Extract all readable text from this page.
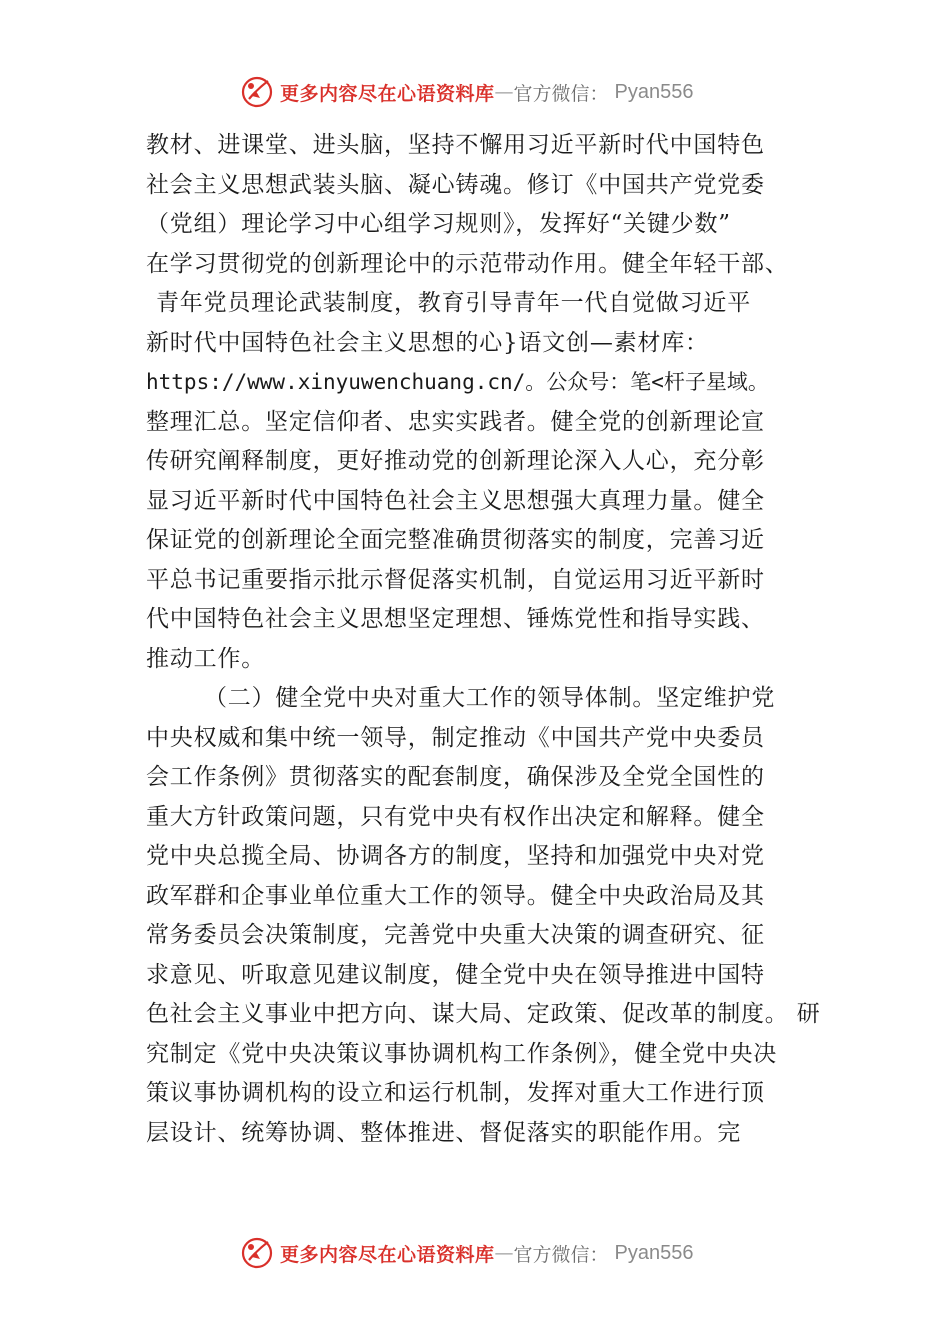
更多内容尽在心语资料库 — 官方微信： Pyan556
教材、进课堂、进头脑，坚持不懈用习近平新时代中国特色
社会主义思想武装头脑、凝心铸魂。修订《中国共产党党委
（党组）理论学习中心组学习规则》，发挥好“关键少数”
在学习贯彻党的创新理论中的示范带动作用。健全年轻干部、
青年党员理论武装制度，教育引导青年一代自觉做习近平
新时代中国特色社会主义思想的心}语文创—素材库：
https://www.xinyuwenchuang.cn/。公众号：笔<杆子星域。
整理汇总。坚定信仰者、忠实实践者。健全党的创新理论宣
传研究阐释制度，更好推动党的创新理论深入人心，充分彰
显习近平新时代中国特色社会主义思想强大真理力量。健全
保证党的创新理论全面完整准确贯彻落实的制度，完善习近
平总书记重要指示批示督促落实机制，自觉运用习近平新时
代中国特色社会主义思想坚定理想、锤炼党性和指导实践、
推动工作。
（二）健全党中央对重大工作的领导体制。坚定维护党
中央权威和集中统一领导，制定推动《中国共产党中央委员
会工作条例》贯彻落实的配套制度，确保涉及全党全国性的
重大方针政策问题，只有党中央有权作出决定和解释。健全
党中央总揽全局、协调各方的制度，坚持和加强党中央对党
政军群和企事业单位重大工作的领导。健全中央政治局及其
常务委员会决策制度，完善党中央重大决策的调查研究、征
求意见、听取意见建议制度，健全党中央在领导推进中国特
色社会主义事业中把方向、谋大局、定政策、促改革的制度。 研
究制定《党中央决策议事协调机构工作条例》，健全党中央决
策议事协调机构的设立和运行机制，发挥对重大工作进行顶
层设计、统筹协调、整体推进、督促落实的职能作用。完
更多内容尽在心语资料库 — 官方微信： Pyan556
